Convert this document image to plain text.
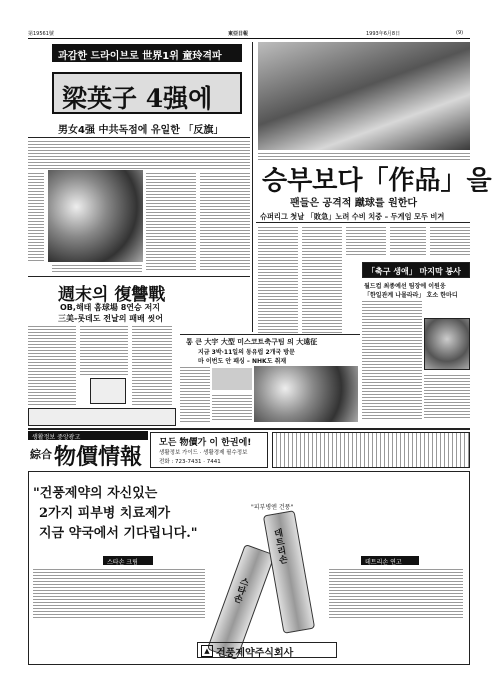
第19561號	東亞日報	1993年6月8日	(9)
과감한 드라이브로 世界1위 童玲격파
梁英子 4强에
男女4强 中共독점에 유일한 「反旗」
週末의 復讐戰
OB,해태 홈球場 8연승 저지
三美-롯데도 전날의 패배 씻어
승부보다「作品」을
팬들은 공격적 蹴球를 원한다
슈퍼리그 첫날 「敗急」노려 수비 치중 – 두게임 모두 비겨
「축구 생애」 마지막 봉사
월드컵 최종예선 팀장에 이원웅
「한일관계 나몰라라」 호소 한마디
통 큰 大宇 大型 미스코트축구팀 의 大遠征
지금 3박·11일의 동유럽 2개국 방문
마 이번도 안 패싱 – NHK도 취재
생활정보 중앙광고
綜合 物價情報
모든 物價가 이 한권에!
생활정보 가이드 · 생활경제 필수정보
전화 : 723-7431 · 7441
"건풍제약의 자신있는
2가지 피부병 치료제가
지금 약국에서 기다립니다."
"피부병엔 건풍"
스타손 크림
스타손
데트리손	데트리손 연고
▲ 건풍제약주식회사
